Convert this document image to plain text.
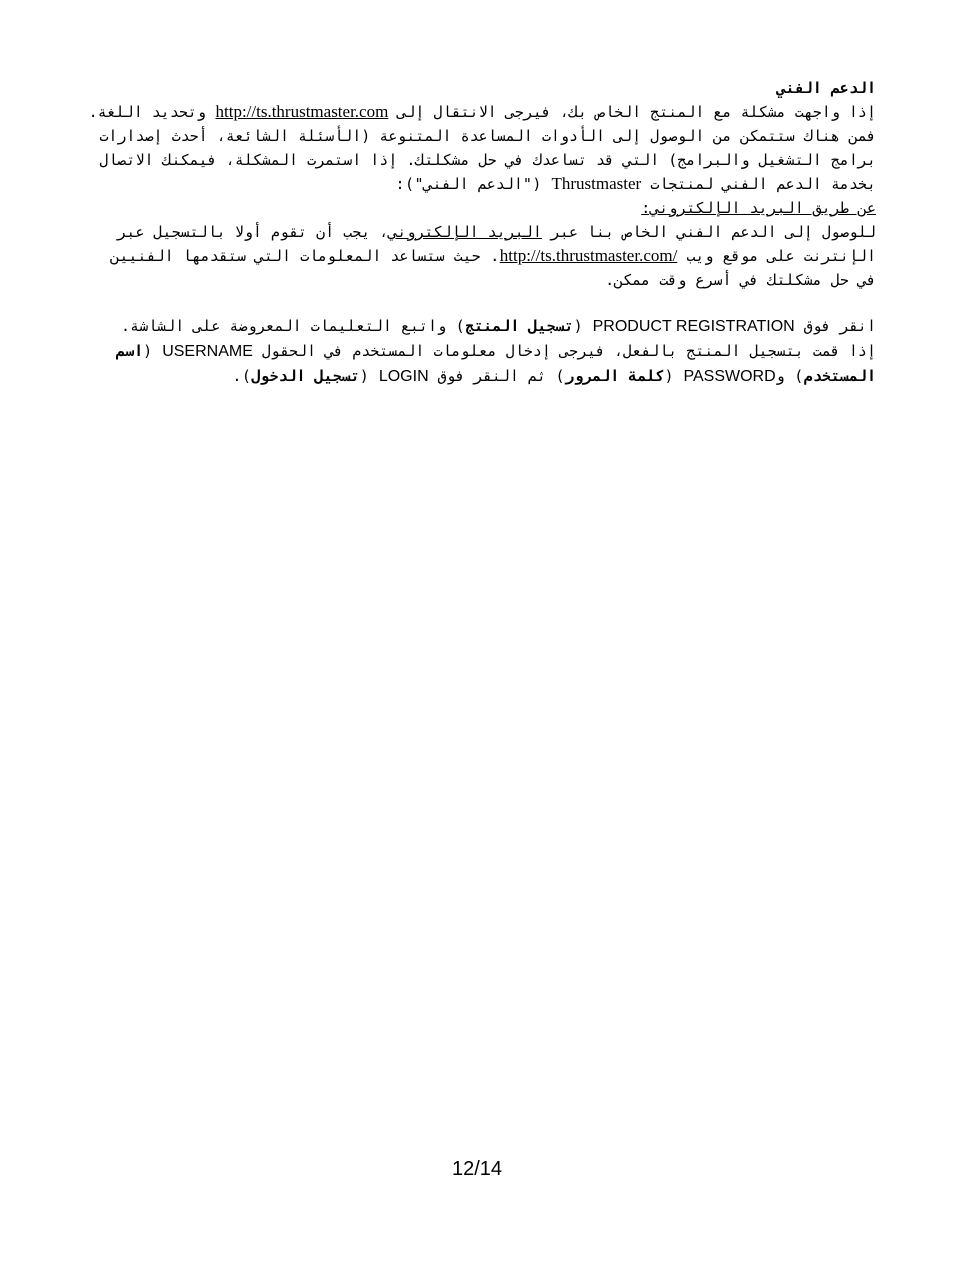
الدعم الفني

إذا واجهت مشكلة مع المنتج الخاص بك، فيرجى الانتقال إلى http://ts.thrustmaster.com وتحديد اللغة. فمن هناك ستتمكن من الوصول إلى الأدوات المساعدة المتنوعة (الأسئلة الشائعة، أحدث إصدارات برامج التشغيل والبرامج) التي قد تساعدك في حل مشكلتك. إذا استمرت المشكلة، فيمكنك الاتصال بخدمة الدعم الفني لمنتجات Thrustmaster ("الدعم الفني"):

عن طريق البريد الإلكتروني:

للوصول إلى الدعم الفني الخاص بنا عبر البريد الإلكتروني، يجب أن تقوم أولا بالتسجيل عبر الإنترنت على موقع ويب http://ts.thrustmaster.com/. حيث ستساعد المعلومات التي ستقدمها الفنيين في حل مشكلتك في أسرع وقت ممكن.

انقر فوق PRODUCT REGISTRATION (تسجيل المنتج) واتبع التعليمات المعروضة على الشاشة. إذا قمت بتسجيل المنتج بالفعل، فيرجى إدخال معلومات المستخدم في الحقول USERNAME (اسم المستخدم) وPASSWORD (كلمة المرور) ثم النقر فوق LOGIN (تسجيل الدخول).

12/14
